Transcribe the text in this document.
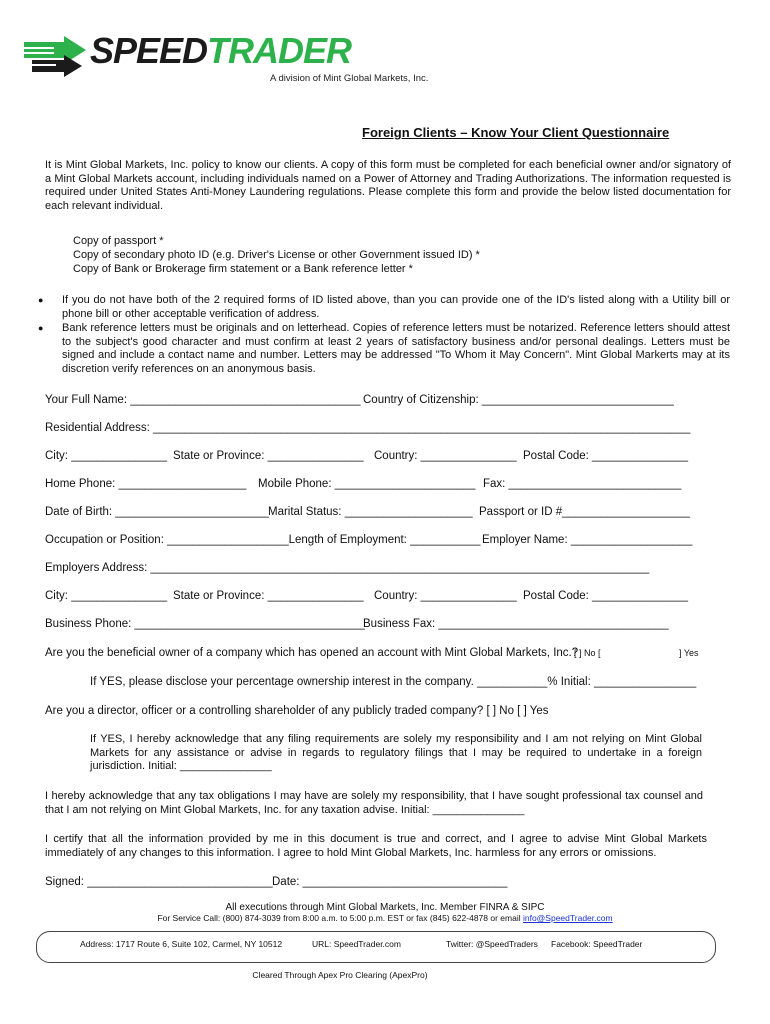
SPEEDTRADER
A division of Mint Global Markets, Inc.
Foreign Clients – Know Your Client Questionnaire
It is Mint Global Markets, Inc. policy to know our clients. A copy of this form must be completed for each beneficial owner and/or signatory of a Mint Global Markets account, including individuals named on a Power of Attorney and Trading Authorizations. The information requested is required under United States Anti-Money Laundering regulations. Please complete this form and provide the below listed documentation for each relevant individual.
Copy of passport *
Copy of secondary photo ID (e.g. Driver's License or other Government issued ID) *
Copy of Bank or Brokerage firm statement or a Bank reference letter *
● If you do not have both of the 2 required forms of ID listed above, than you can provide one of the ID's listed along with a Utility bill or phone bill or other acceptable verification of address.
● Bank reference letters must be originals and on letterhead. Copies of reference letters must be notarized. Reference letters should attest to the subject's good character and must confirm at least 2 years of satisfactory business and/or personal dealings. Letters must be signed and include a contact name and number. Letters may be addressed "To Whom it May Concern". Mint Global Markerts may at its discretion verify references on an anonymous basis.
Your Full Name: ____________________________________ Country of Citizenship: ______________________________
Residential Address: ____________________________________________________________________________________
City: _______________ State or Province: _______________ Country: _______________ Postal Code: _______________
Home Phone: ____________________ Mobile Phone: ______________________ Fax: ___________________________
Date of Birth: ________________________ Marital Status: ____________________ Passport or ID #____________________
Occupation or Position: ___________________Length of Employment: ___________ Employer Name: ___________________
Employers Address: ______________________________________________________________________________
City: _______________ State or Province: _______________ Country: _______________ Postal Code: _______________
Business Phone: ____________________________________
Business Fax: ____________________________________
Are you the beneficial owner of a company which has opened an account with Mint Global Markets, Inc.?
[ ] No [	] Yes
If YES, please disclose your percentage ownership interest in the company. ___________% Initial: ________________
Are you a director, officer or a controlling shareholder of any publicly traded company? [ ] No [ ] Yes
If YES, I hereby acknowledge that any filing requirements are solely my responsibility and I am not relying on Mint Global Markets for any assistance or advise in regards to regulatory filings that I may be required to undertake in a foreign jurisdiction. Initial: _______________
I hereby acknowledge that any tax obligations I may have are solely my responsibility, that I have sought professional tax counsel and that I am not relying on Mint Global Markets, Inc. for any taxation advise. Initial: _______________
I certify that all the information provided by me in this document is true and correct, and I agree to advise Mint Global Markets immediately of any changes to this information. I agree to hold Mint Global Markets, Inc. harmless for any errors or omissions.
Signed: _____________________________ Date: ________________________________
All executions through Mint Global Markets, Inc. Member FINRA & SIPC
For Service Call: (800) 874-3039 from 8:00 a.m. to 5:00 p.m. EST or fax (845) 622-4878 or email info@SpeedTrader.com
Address: 1717 Route 6, Suite 102, Carmel, NY 10512	URL: SpeedTrader.com	Twitter: @SpeedTraders Facebook: SpeedTrader
Cleared Through Apex Pro Clearing (ApexPro)
